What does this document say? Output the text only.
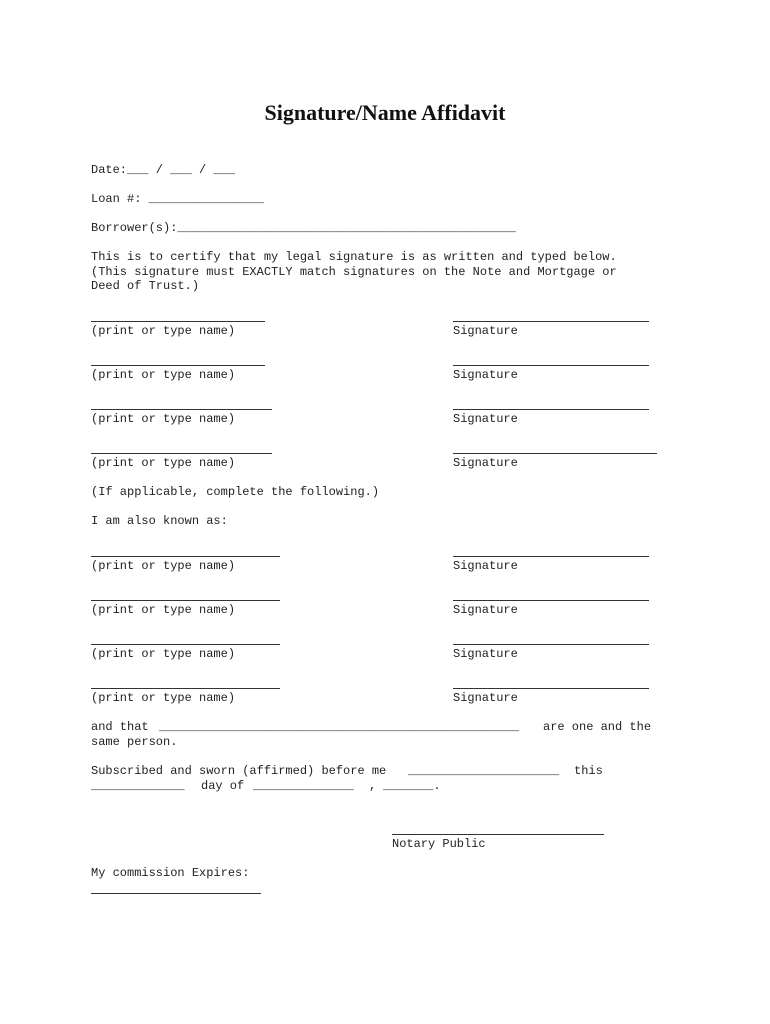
Signature/Name Affidavit
Date:___ / ___ / ___
Loan #: ________________
Borrower(s):_______________________________________________
This is to certify that my legal signature is as written and typed below.
(This signature must EXACTLY match signatures on the Note and Mortgage or
Deed of Trust.)
(print or type name)	Signature
(print or type name)	Signature
(print or type name)	Signature
(print or type name)	Signature
(If applicable, complete the following.)
I am also known as:
(print or type name)	Signature
(print or type name)	Signature
(print or type name)	Signature
(print or type name)	Signature
and that __________________________________________________ are one and the
same person.
Subscribed and sworn (affirmed) before me _____________________ this
_____________ day of ______________ , _______.
Notary Public
My commission Expires:
